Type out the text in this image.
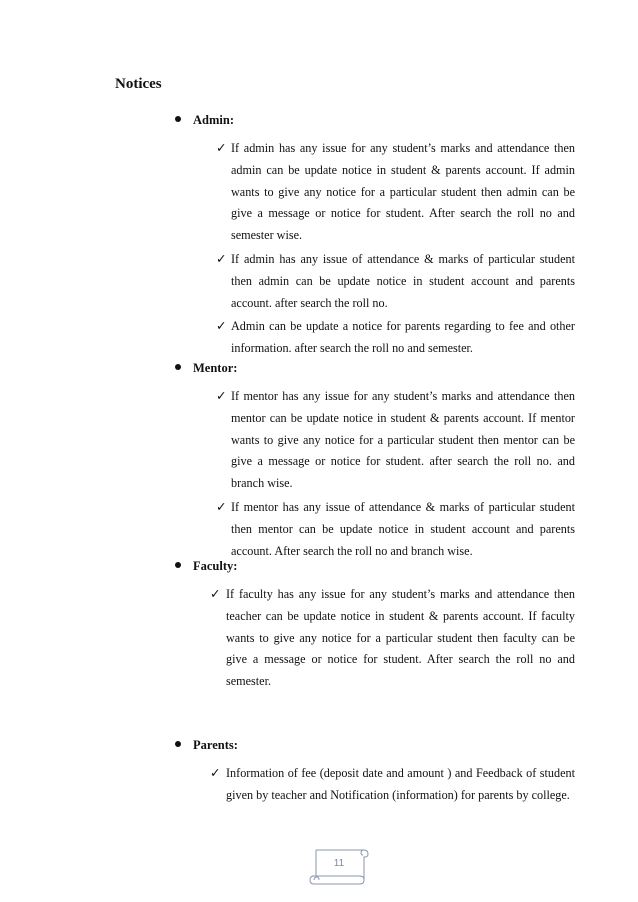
Notices
Admin:
✓ If admin has any issue for any student’s marks and attendance then admin can be update notice in student & parents account. If admin wants to give any notice for a particular student then admin can be give a message or notice for student. After search the roll no and semester wise.
✓ If admin has any issue of attendance & marks of particular student then admin can be update notice in student account and parents account. after search the roll no.
✓ Admin can be update a notice for parents regarding to fee and other information. after search the roll no and semester.
Mentor:
✓ If mentor has any issue for any student’s marks and attendance then mentor can be update notice in student & parents account. If mentor wants to give any notice for a particular student then mentor can be give a message or notice for student. after search the roll no. and branch wise.
✓ If mentor has any issue of attendance & marks of particular student then mentor can be update notice in student account and parents account. After search the roll no and branch wise.
Faculty:
✓ If faculty has any issue for any student’s marks and attendance then teacher can be update notice in student & parents account. If faculty wants to give any notice for a particular student then faculty can be give a message or notice for student. After search the roll no and semester.
Parents:
✓ Information of fee (deposit date and amount ) and Feedback of student given by teacher and Notification (information) for parents by college.
11
